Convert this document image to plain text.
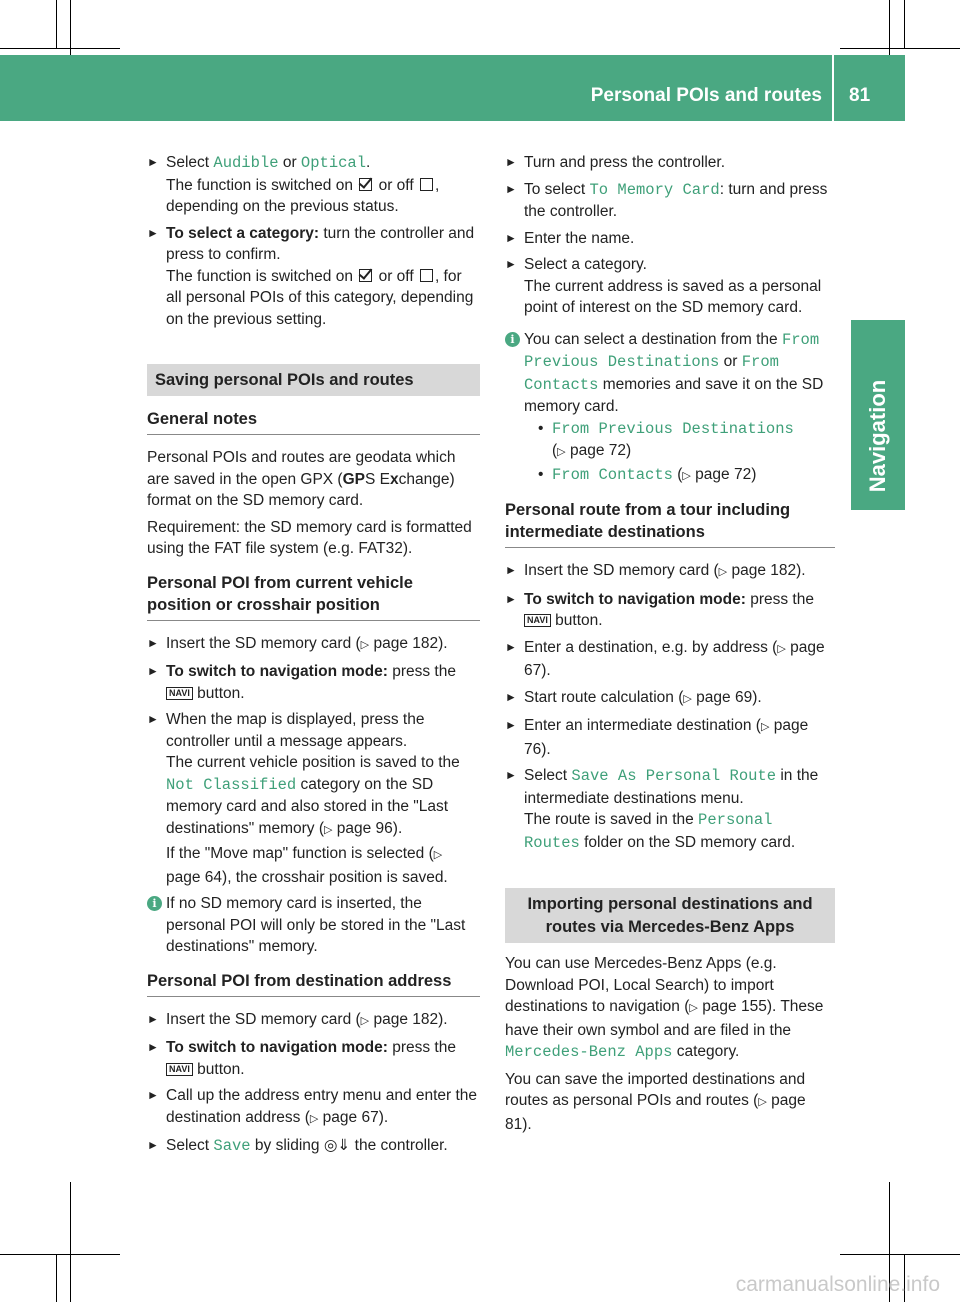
Personal POIs and routes 81
Navigation
► Select Audible or Optical.
The function is switched on  or off ,
depending on the previous status.
► To select a category: turn the controller and press to confirm.
The function is switched on  or off , for all personal POIs of this category, depending on the previous setting.
Saving personal POIs and routes
General notes
Personal POIs and routes are geodata which are saved in the open GPX (GPS Exchange) format on the SD memory card.
Requirement: the SD memory card is formatted using the FAT file system (e.g. FAT32).
Personal POI from current vehicle position or crosshair position
► Insert the SD memory card (▷ page 182).
► To switch to navigation mode: press the
NAVI button.
► When the map is displayed, press the controller until a message appears.
The current vehicle position is saved to the Not Classified category on the SD memory card and also stored in the "Last destinations" memory (▷ page 96).
If the "Move map" function is selected (▷ page 64), the crosshair position is saved.
i If no SD memory card is inserted, the personal POI will only be stored in the "Last destinations" memory.
Personal POI from destination address
► Insert the SD memory card (▷ page 182).
► To switch to navigation mode: press the
NAVI button.
► Call up the address entry menu and enter the destination address (▷ page 67).
► Select Save by sliding ◎⇓ the controller.
► Turn and press the controller.
► To select To Memory Card: turn and press the controller.
► Enter the name.
► Select a category.
The current address is saved as a personal point of interest on the SD memory card.
i You can select a destination from the From Previous Destinations or From Contacts memories and save it on the SD memory card.
• From Previous Destinations
(▷ page 72)
• From Contacts (▷ page 72)
Personal route from a tour including intermediate destinations
► Insert the SD memory card (▷ page 182).
► To switch to navigation mode: press the
NAVI button.
► Enter a destination, e.g. by address (▷ page 67).
► Start route calculation (▷ page 69).
► Enter an intermediate destination (▷ page 76).
► Select Save As Personal Route in the intermediate destinations menu.
The route is saved in the Personal Routes folder on the SD memory card.
Importing personal destinations and routes via Mercedes-Benz Apps
You can use Mercedes-Benz Apps (e.g. Download POI, Local Search) to import destinations to navigation (▷ page 155). These have their own symbol and are filed in the Mercedes-Benz Apps category.
You can save the imported destinations and routes as personal POIs and routes (▷ page 81).
carmanualsonline.info
